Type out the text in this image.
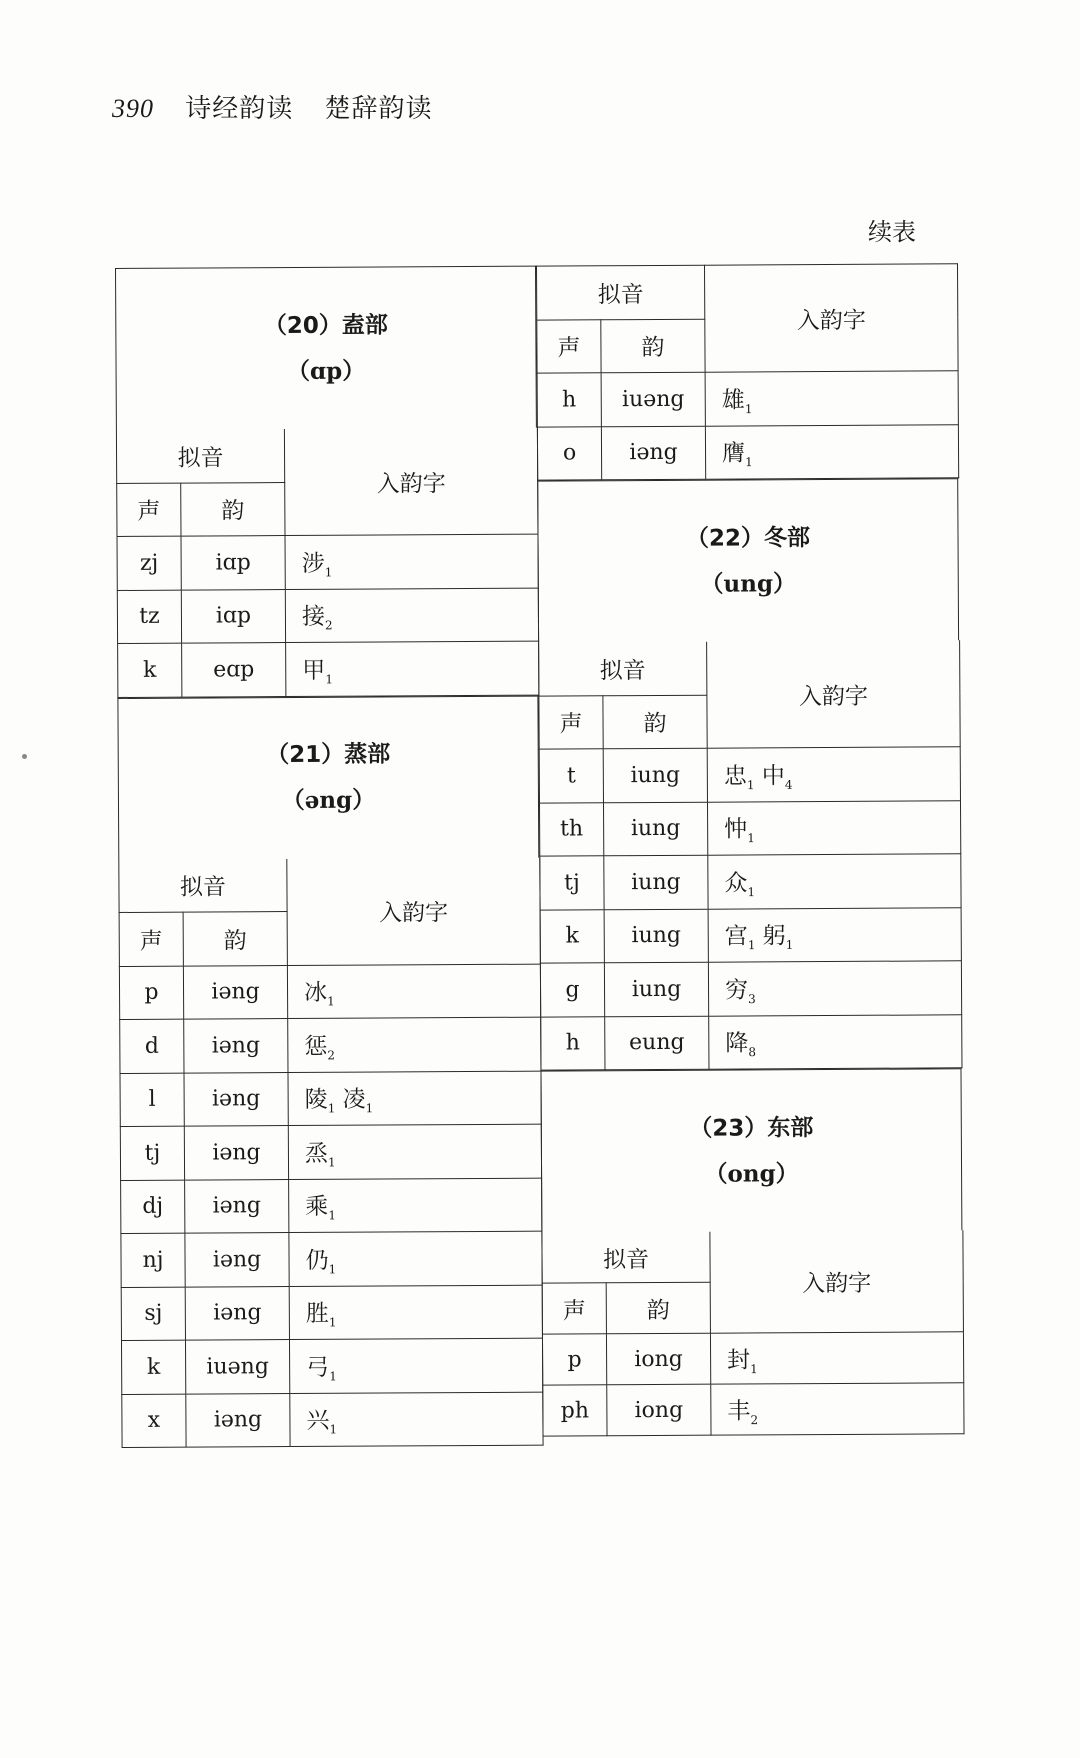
390 诗经韵读 楚辞韵读
续表
（20）盍部
（ɑp）
拟音		入韵字
声	韵	
zj	iɑp	涉$_1$
tz	iɑp	接$_2$
k	eɑp	甲$_1$
（21）蒸部
（əng）
拟音		入韵字
声	韵	
p	iəng	冰$_1$
d	iəng	惩$_2$
l	iəng	陵$_1$ 凌$_1$
tj	iəng	烝$_1$
dj	iəng	乘$_1$
nj	iəng	仍$_1$
sj	iəng	胜$_1$
k	iuəng	弓$_1$
x	iəng	兴$_1$
拟音		入韵字
声	韵	
h	iuəng	雄$_1$
o	iəng	膺$_1$
（22）冬部
（ung）
拟音		入韵字
声	韵	
t	iung	忠$_1$ 中$_4$
th	iung	忡$_1$
tj	iung	众$_1$
k	iung	宫$_1$ 躬$_1$
g	iung	穷$_3$
h	eung	降$_8$
（23）东部
（ong）
拟音		入韵字
声	韵	
p	iong	封$_1$
ph	iong	丰$_2$
